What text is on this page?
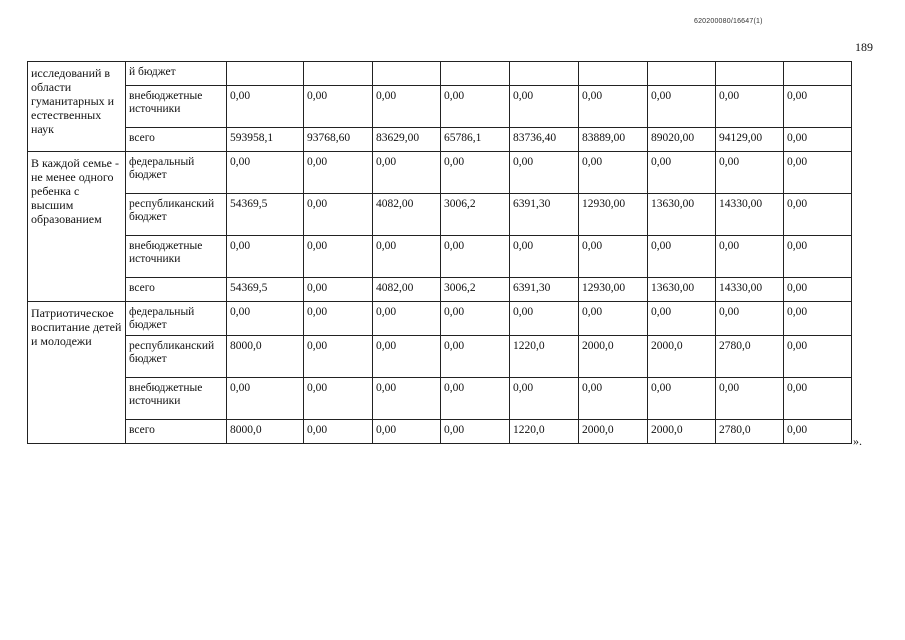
620200080/16647(1)
189
исследований в области гуманитарных и естественных наук	й бюджет									
	внебюджетные источники	0,00	0,00	0,00	0,00	0,00	0,00	0,00	0,00	0,00
	всего	593958,1	93768,60	83629,00	65786,1	83736,40	83889,00	89020,00	94129,00	0,00
В каждой семье - не менее одного ребенка с высшим образованием	федеральный бюджет	0,00	0,00	0,00	0,00	0,00	0,00	0,00	0,00	0,00
	республиканский бюджет	54369,5	0,00	4082,00	3006,2	6391,30	12930,00	13630,00	14330,00	0,00
	внебюджетные источники	0,00	0,00	0,00	0,00	0,00	0,00	0,00	0,00	0,00
	всего	54369,5	0,00	4082,00	3006,2	6391,30	12930,00	13630,00	14330,00	0,00
Патриотическое воспитание детей и молодежи	федеральный бюджет	0,00	0,00	0,00	0,00	0,00	0,00	0,00	0,00	0,00
	республиканский бюджет	8000,0	0,00	0,00	0,00	1220,0	2000,0	2000,0	2780,0	0,00
	внебюджетные источники	0,00	0,00	0,00	0,00	0,00	0,00	0,00	0,00	0,00
	всего	8000,0	0,00	0,00	0,00	1220,0	2000,0	2000,0	2780,0	0,00
».
